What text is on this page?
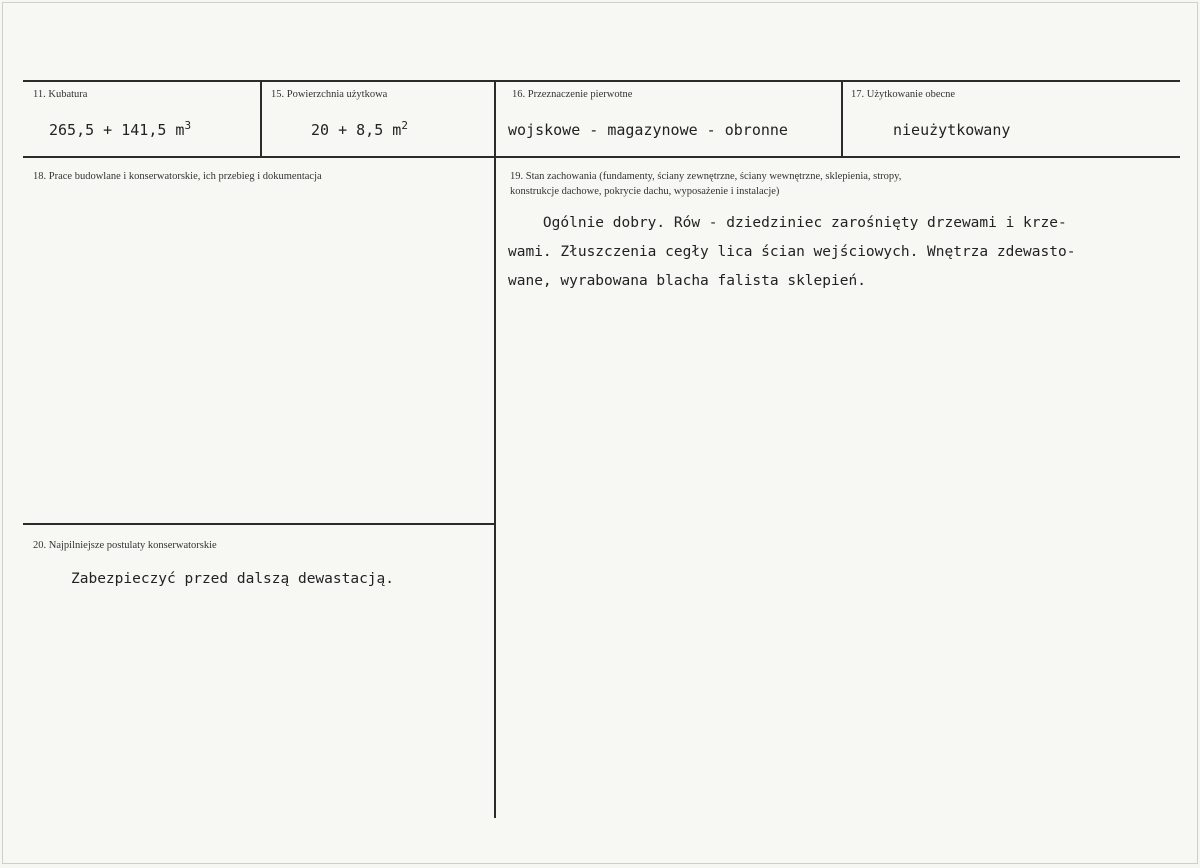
11. Kubatura
265,5 + 141,5 $m^3$
15. Powierzchnia użytkowa
20 + 8,5 $m^2$
16. Przeznaczenie pierwotne
wojskowe - magazynowe - obronne
17. Użytkowanie obecne
nieużytkowany
18. Prace budowlane i konserwatorskie, ich przebieg i dokumentacja	19. Stan zachowania (fundamenty, ściany zewnętrzne, ściany wewnętrzne, sklepienia, stropy,
konstrukcje dachowe, pokrycie dachu, wyposażenie i instalacje)
Ogólnie dobry. Rów - dziedziniec zarośnięty drzewami i krze-
wami. Złuszczenia cegły lica ścian wejściowych. Wnętrza zdewasto-
wane, wyrabowana blacha falista sklepień.
20. Najpilniejsze postulaty konserwatorskie
Zabezpieczyć przed dalszą dewastacją.
